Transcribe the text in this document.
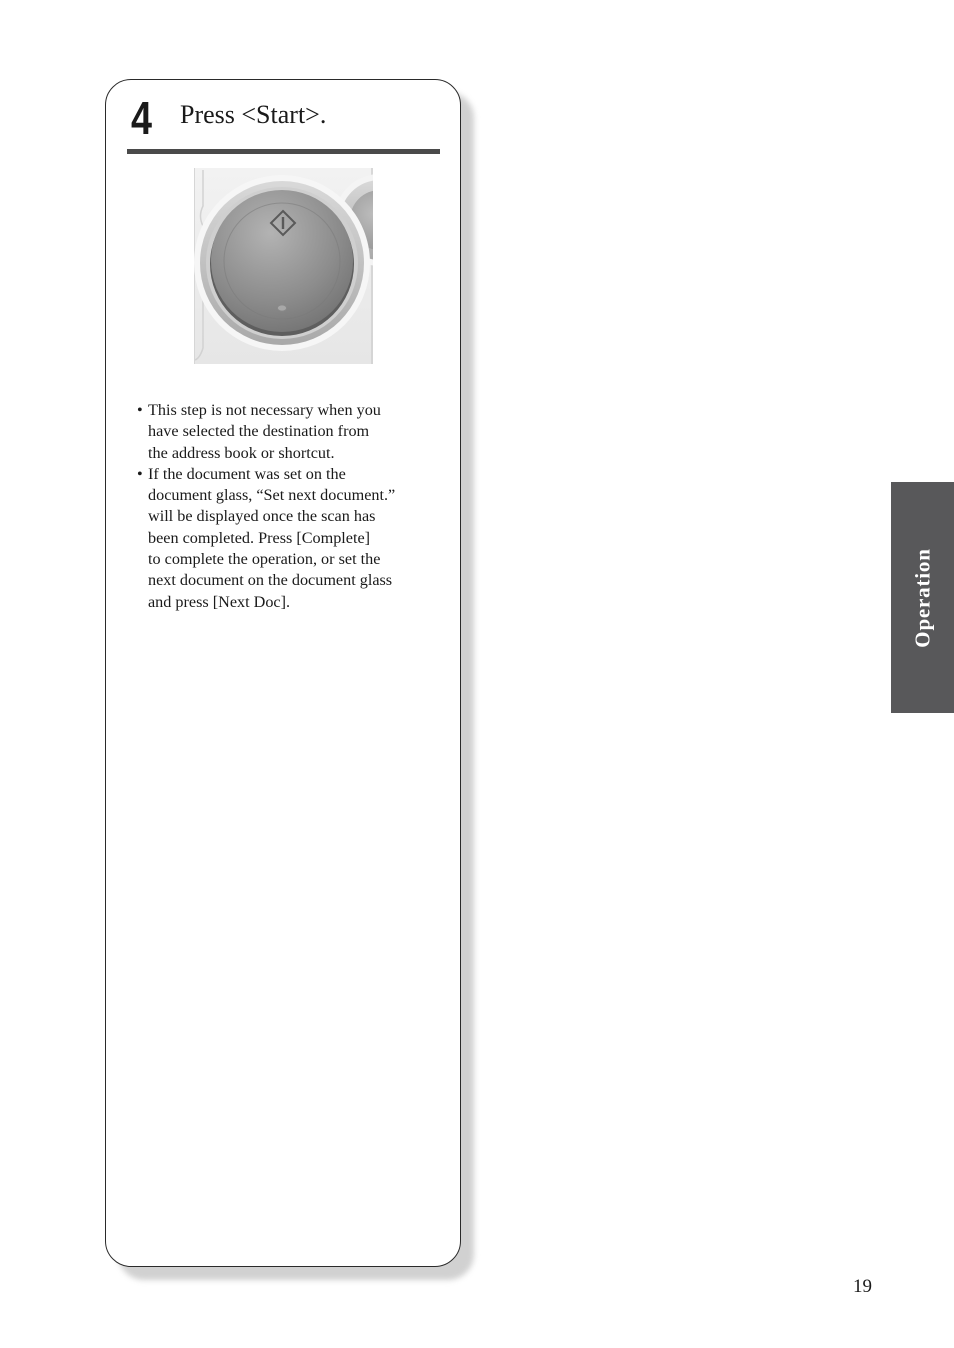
4 Press <Start>.
• This step is not necessary when you
have selected the destination from
the address book or shortcut.
• If the document was set on the
document glass, “Set next document.”
will be displayed once the scan has
been completed. Press [Complete]
to complete the operation, or set the
next document on the document glass
and press [Next Doc].	Operation
19
